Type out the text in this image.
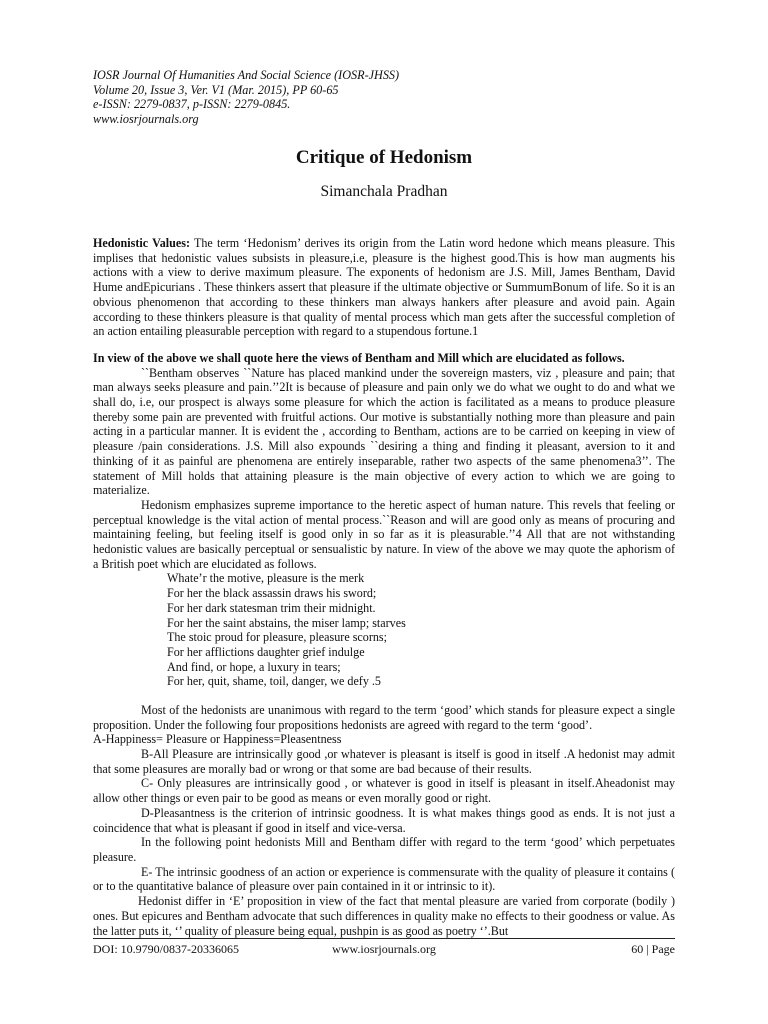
IOSR Journal Of Humanities And Social Science (IOSR-JHSS)
Volume 20, Issue 3, Ver. V1 (Mar. 2015), PP 60-65
e-ISSN: 2279-0837, p-ISSN: 2279-0845.
www.iosrjournals.org
Critique of Hedonism
Simanchala Pradhan

Hedonistic Values: The term ‘Hedonism’ derives its origin from the Latin word hedone which means pleasure. This implises that hedonistic values subsists in pleasure,i.e, pleasure is the highest good.This is how man augments his actions with a view to derive maximum pleasure. The exponents of hedonism are J.S. Mill, James Bentham, David Hume andEpicurians . These thinkers assert that pleasure if the ultimate objective or SummumBonum of life. So it is an obvious phenomenon that according to these thinkers man always hankers after pleasure and avoid pain. Again according to these thinkers pleasure is that quality of mental process which man gets after the successful completion of an action entailing pleasurable perception with regard to a stupendous fortune.1

In view of the above we shall quote here the views of Bentham and Mill which are elucidated as follows.

``Bentham observes ``Nature has placed mankind under the sovereign masters, viz , pleasure and pain; that man always seeks pleasure and pain.’’2It is because of pleasure and pain only we do what we ought to do and what we shall do, i.e, our prospect is always some pleasure for which the action is facilitated as a means to produce pleasure thereby some pain are prevented with fruitful actions. Our motive is substantially nothing more than pleasure and pain acting in a particular manner. It is evident the , according to Bentham, actions are to be carried on keeping in view of pleasure /pain considerations. J.S. Mill also expounds ``desiring a thing and finding it pleasant, aversion to it and thinking of it as painful are phenomena are entirely inseparable, rather two aspects of the same phenomena3’’. The statement of Mill holds that attaining pleasure is the main objective of every action to which we are going to materialize.

Hedonism emphasizes supreme importance to the heretic aspect of human nature. This revels that feeling or perceptual knowledge is the vital action of mental process.``Reason and will are good only as means of procuring and maintaining feeling, but feeling itself is good only in so far as it is pleasurable.’’4 All that are not withstanding hedonistic values are basically perceptual or sensualistic by nature. In view of the above we may quote the aphorism of a British poet which are elucidated as follows.

Whate’r the motive, pleasure is the merk
For her the black assassin draws his sword;
For her dark statesman trim their midnight.
For her the saint abstains, the miser lamp; starves
The stoic proud for pleasure, pleasure scorns;
For her afflictions daughter grief indulge
And find, or hope, a luxury in tears;
For her, quit, shame, toil, danger, we defy .5

Most of the hedonists are unanimous with regard to the term ‘good’ which stands for pleasure expect a single proposition. Under the following four propositions hedonists are agreed with regard to the term ‘good’.

A-Happiness= Pleasure or Happiness=Pleasentness

B-All Pleasure are intrinsically good ,or whatever is pleasant is itself is good in itself .A hedonist may admit that some pleasures are morally bad or wrong or that some are bad because of their results.

C- Only pleasures are intrinsically good , or whatever is good in itself is pleasant in itself.Aheadonist may allow other things or even pair to be good as means or even morally good or right.

D-Pleasantness is the criterion of intrinsic goodness. It is what makes things good as ends. It is not just a coincidence that what is pleasant if good in itself and vice-versa.

In the following point hedonists Mill and Bentham differ with regard to the term ‘good’ which perpetuates pleasure.

E- The intrinsic goodness of an action or experience is commensurate with the quality of pleasure it contains ( or to the quantitative balance of pleasure over pain contained in it or intrinsic to it).

Hedonist differ in ‘E’ proposition in view of the fact that mental pleasure are varied from corporate (bodily ) ones. But epicures and Bentham advocate that such differences in quality make no effects to their goodness or value. As the latter puts it, ‘’ quality of pleasure being equal, pushpin is as good as poetry ‘’.But

DOI: 10.9790/0837-20336065	www.iosrjournals.org	60 | Page
